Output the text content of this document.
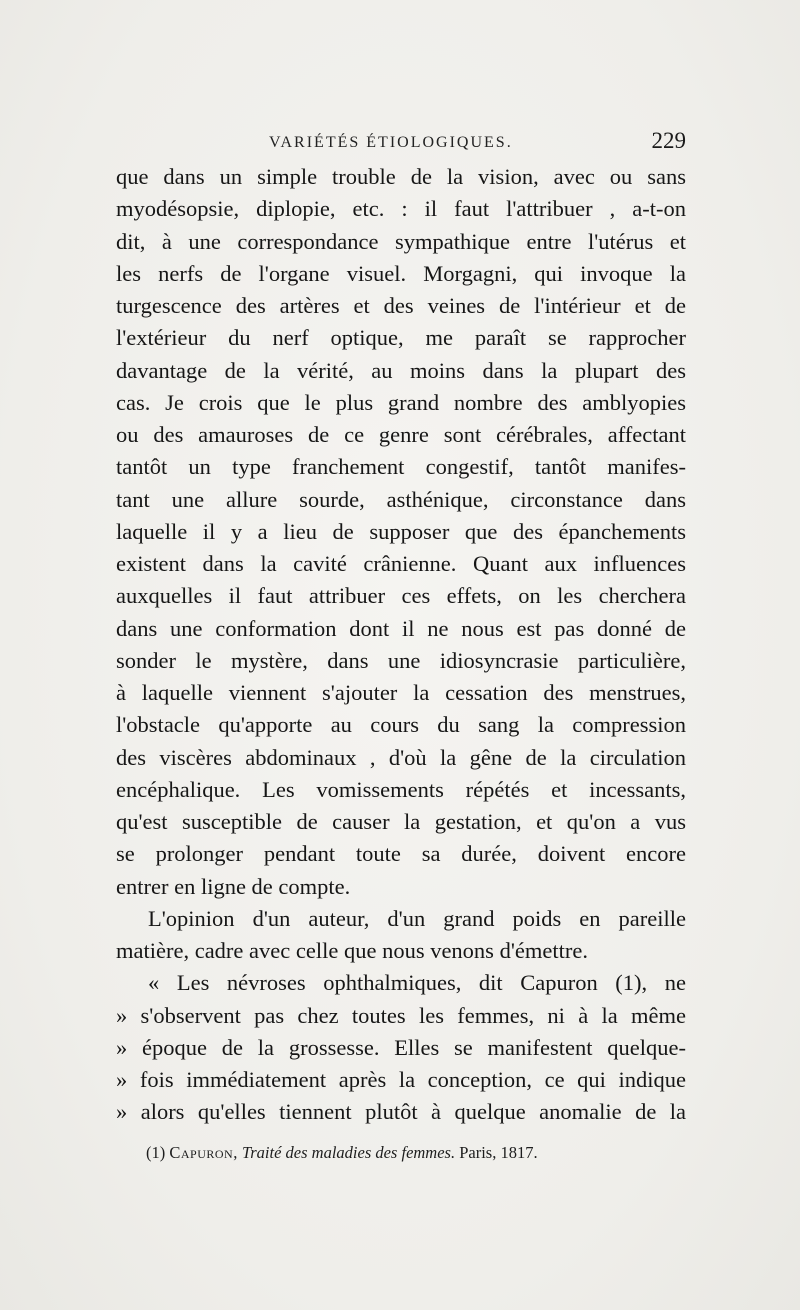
VARIÉTÉS ÉTIOLOGIQUES.	229
que dans un simple trouble de la vision, avec ou sans
myodésopsie, diplopie, etc. : il faut l'attribuer , a-t-on
dit, à une correspondance sympathique entre l'utérus et
les nerfs de l'organe visuel. Morgagni, qui invoque la
turgescence des artères et des veines de l'intérieur et de
l'extérieur du nerf optique, me paraît se rapprocher
davantage de la vérité, au moins dans la plupart des
cas. Je crois que le plus grand nombre des amblyopies
ou des amauroses de ce genre sont cérébrales, affectant
tantôt un type franchement congestif, tantôt manifes-
tant une allure sourde, asthénique, circonstance dans
laquelle il y a lieu de supposer que des épanchements
existent dans la cavité crânienne. Quant aux influences
auxquelles il faut attribuer ces effets, on les cherchera
dans une conformation dont il ne nous est pas donné de
sonder le mystère, dans une idiosyncrasie particulière,
à laquelle viennent s'ajouter la cessation des menstrues,
l'obstacle qu'apporte au cours du sang la compression
des viscères abdominaux , d'où la gêne de la circulation
encéphalique. Les vomissements répétés et incessants,
qu'est susceptible de causer la gestation, et qu'on a vus
se prolonger pendant toute sa durée, doivent encore
entrer en ligne de compte.
L'opinion d'un auteur, d'un grand poids en pareille
matière, cadre avec celle que nous venons d'émettre.
« Les névroses ophthalmiques, dit Capuron (1), ne
» s'observent pas chez toutes les femmes, ni à la même
» époque de la grossesse. Elles se manifestent quelque-
» fois immédiatement après la conception, ce qui indique
» alors qu'elles tiennent plutôt à quelque anomalie de la
(1) Capuron, Traité des maladies des femmes. Paris, 1817.
